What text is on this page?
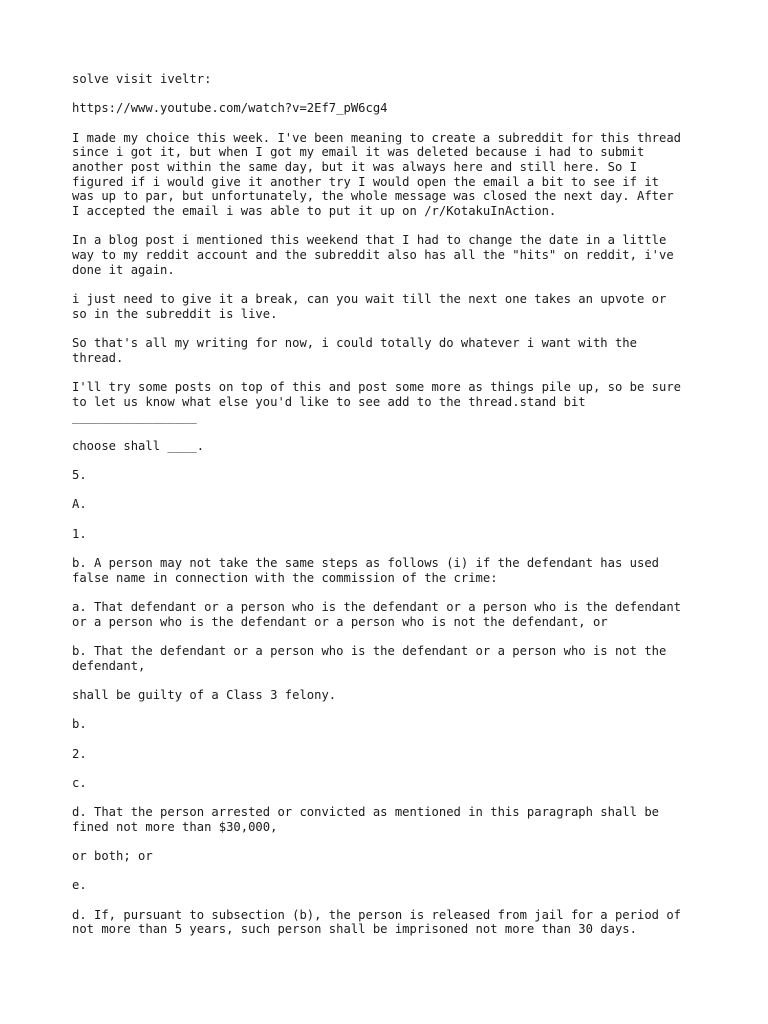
solve visit iveltr:

https://www.youtube.com/watch?v=2Ef7_pW6cg4

I made my choice this week. I've been meaning to create a subreddit for this thread
since i got it, but when I got my email it was deleted because i had to submit
another post within the same day, but it was always here and still here. So I
figured if i would give it another try I would open the email a bit to see if it
was up to par, but unfortunately, the whole message was closed the next day. After
I accepted the email i was able to put it up on /r/KotakuInAction.

In a blog post i mentioned this weekend that I had to change the date in a little
way to my reddit account and the subreddit also has all the "hits" on reddit, i've
done it again.

i just need to give it a break, can you wait till the next one takes an upvote or
so in the subreddit is live.

So that's all my writing for now, i could totally do whatever i want with the
thread.

I'll try some posts on top of this and post some more as things pile up, so be sure
to let us know what else you'd like to see add to the thread.stand bit
_________________

choose shall ____.

5.

A.

1.

b. A person may not take the same steps as follows (i) if the defendant has used
false name in connection with the commission of the crime:

a. That defendant or a person who is the defendant or a person who is the defendant
or a person who is the defendant or a person who is not the defendant, or

b. That the defendant or a person who is the defendant or a person who is not the
defendant,

shall be guilty of a Class 3 felony.

b.

2.

c.

d. That the person arrested or convicted as mentioned in this paragraph shall be
fined not more than $30,000,

or both; or

e.

d. If, pursuant to subsection (b), the person is released from jail for a period of
not more than 5 years, such person shall be imprisoned not more than 30 days.
